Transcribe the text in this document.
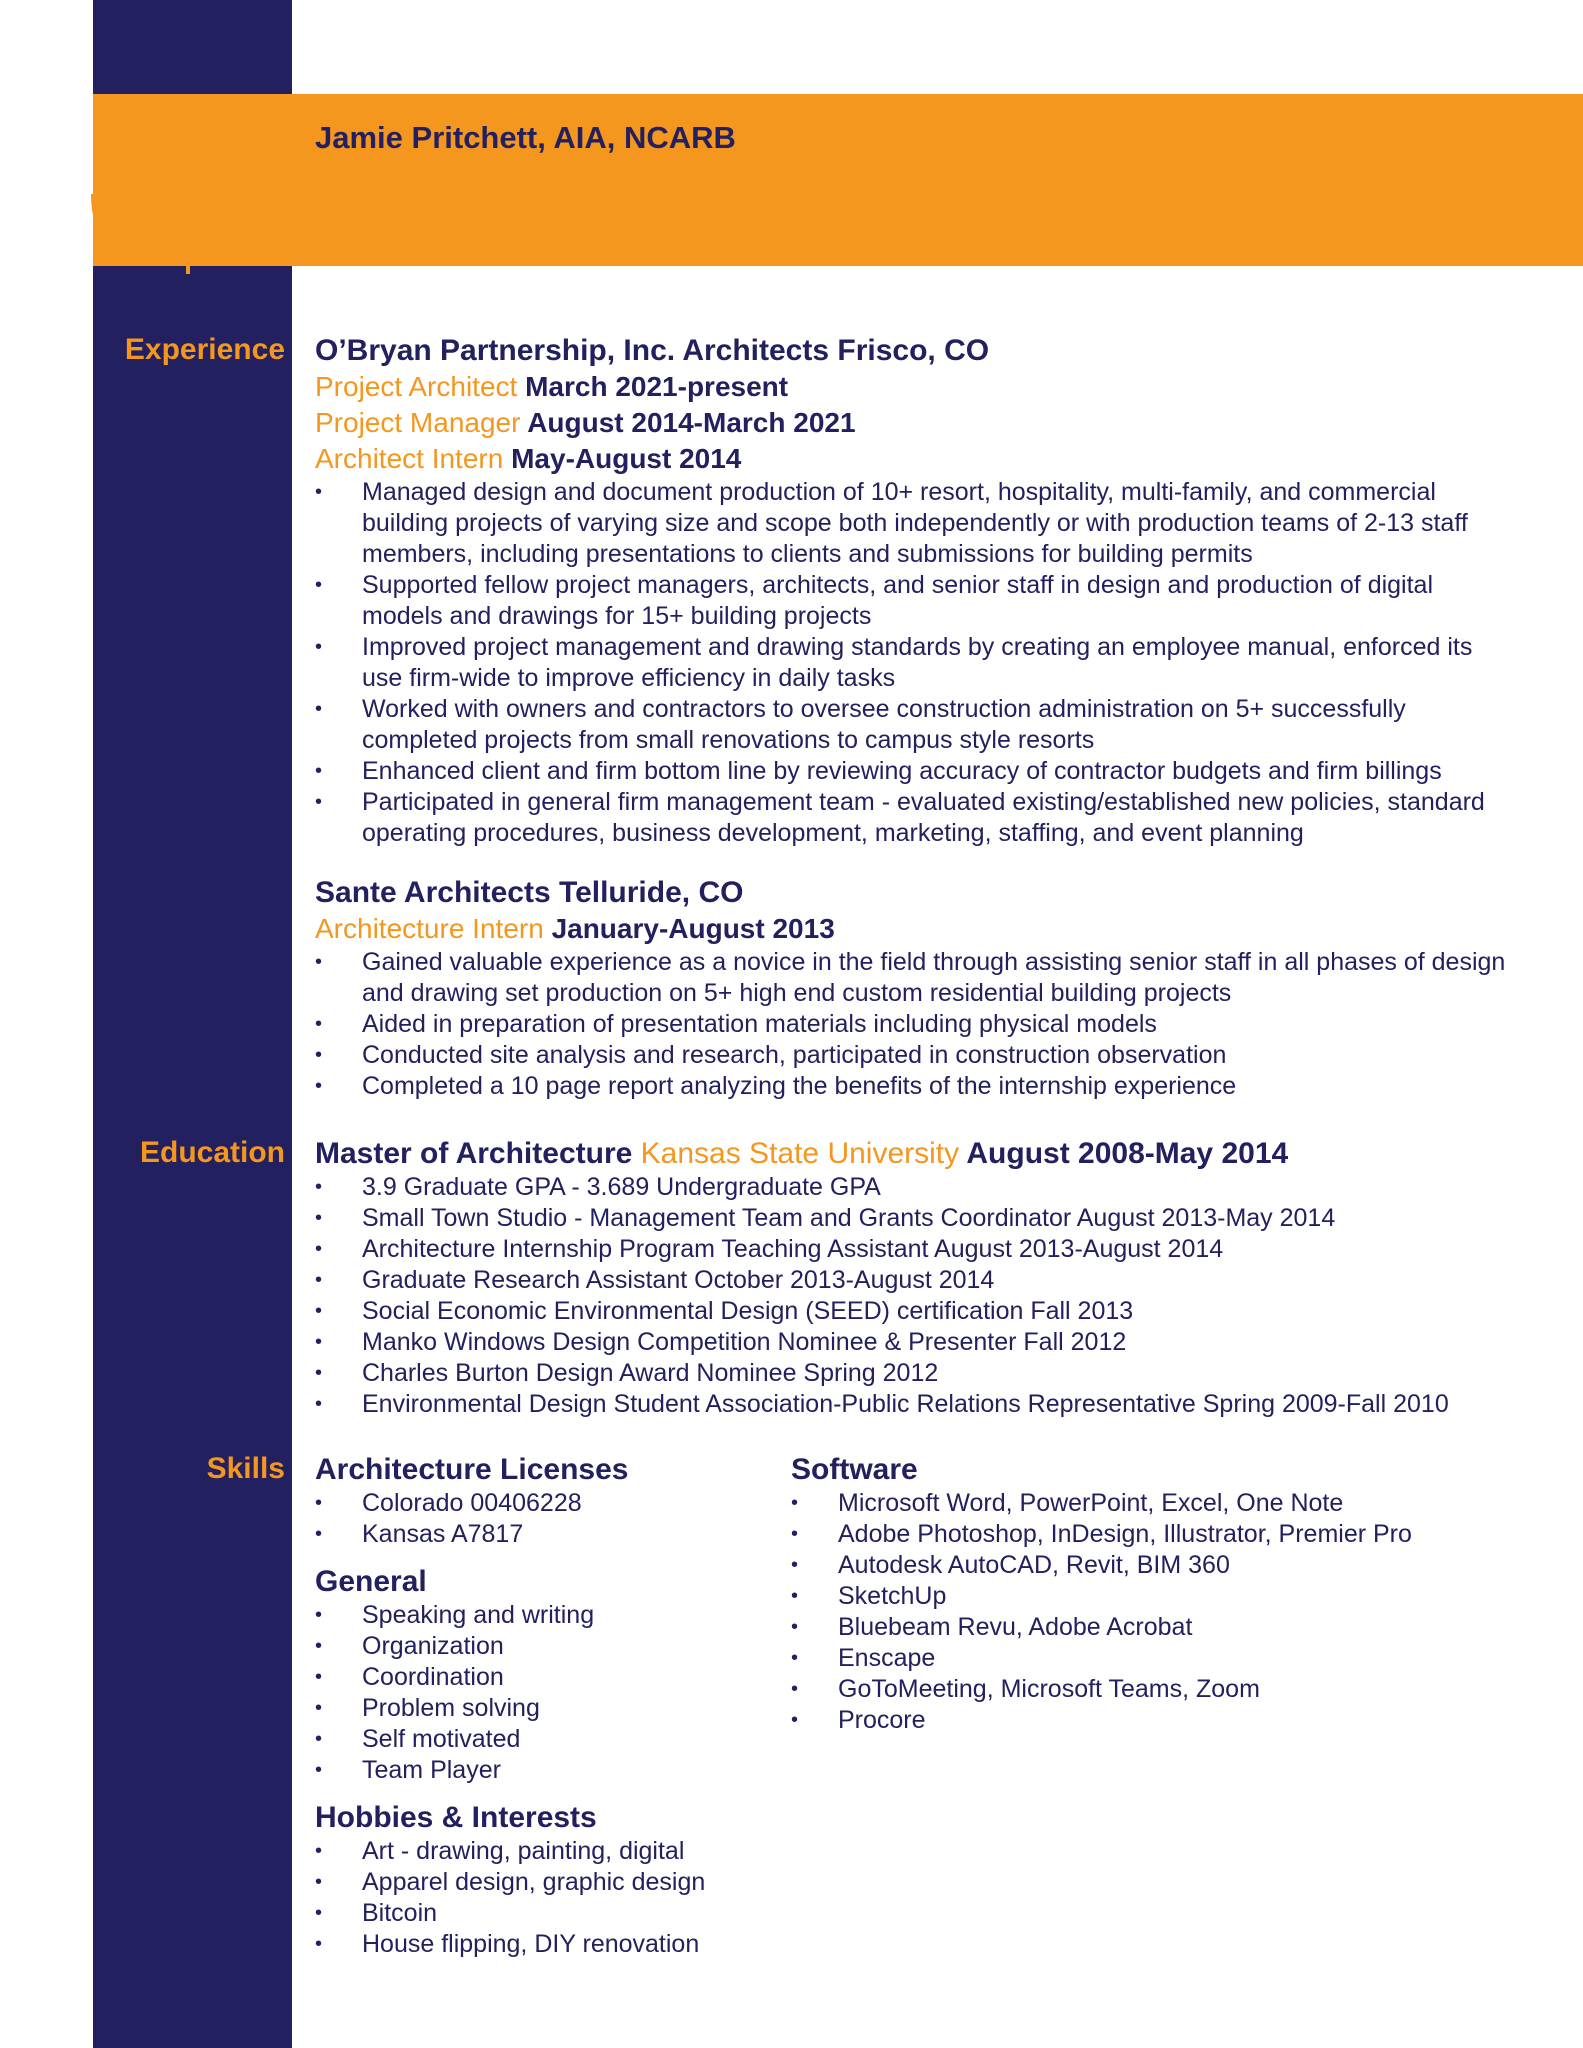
Jamie Pritchett, AIA, NCARB
Experience
Education
Skills
O’Bryan Partnership, Inc. Architects Frisco, CO
Project Architect March 2021-present
Project Manager August 2014-March 2021
Architect Intern May-August 2014
• Managed design and document production of 10+ resort, hospitality, multi-family, and commercial building projects of varying size and scope both independently or with production teams of 2-13 staff members, including presentations to clients and submissions for building permits
• Supported fellow project managers, architects, and senior staff in design and production of digital models and drawings for 15+ building projects
• Improved project management and drawing standards by creating an employee manual, enforced its use firm-wide to improve efficiency in daily tasks
• Worked with owners and contractors to oversee construction administration on 5+ successfully completed projects from small renovations to campus style resorts
• Enhanced client and firm bottom line by reviewing accuracy of contractor budgets and firm billings
• Participated in general firm management team - evaluated existing/established new policies, standard operating procedures, business development, marketing, staffing, and event planning
Sante Architects Telluride, CO
Architecture Intern January-August 2013
• Gained valuable experience as a novice in the field through assisting senior staff in all phases of design and drawing set production on 5+ high end custom residential building projects
• Aided in preparation of presentation materials including physical models
• Conducted site analysis and research, participated in construction observation
• Completed a 10 page report analyzing the benefits of the internship experience
Master of Architecture Kansas State University August 2008-May 2014
• 3.9 Graduate GPA - 3.689 Undergraduate GPA
• Small Town Studio - Management Team and Grants Coordinator August 2013-May 2014
• Architecture Internship Program Teaching Assistant August 2013-August 2014
• Graduate Research Assistant October 2013-August 2014
• Social Economic Environmental Design (SEED) certification Fall 2013
• Manko Windows Design Competition Nominee & Presenter Fall 2012
• Charles Burton Design Award Nominee Spring 2012
• Environmental Design Student Association-Public Relations Representative Spring 2009-Fall 2010
Architecture Licenses
• Colorado 00406228
• Kansas A7817
General
• Speaking and writing
• Organization
• Coordination
• Problem solving
• Self motivated
• Team Player
Hobbies & Interests
• Art - drawing, painting, digital
• Apparel design, graphic design
• Bitcoin
• House flipping, DIY renovation
Software
• Microsoft Word, PowerPoint, Excel, One Note
• Adobe Photoshop, InDesign, Illustrator, Premier Pro
• Autodesk AutoCAD, Revit, BIM 360
• SketchUp
• Bluebeam Revu, Adobe Acrobat
• Enscape
• GoToMeeting, Microsoft Teams, Zoom
• Procore
